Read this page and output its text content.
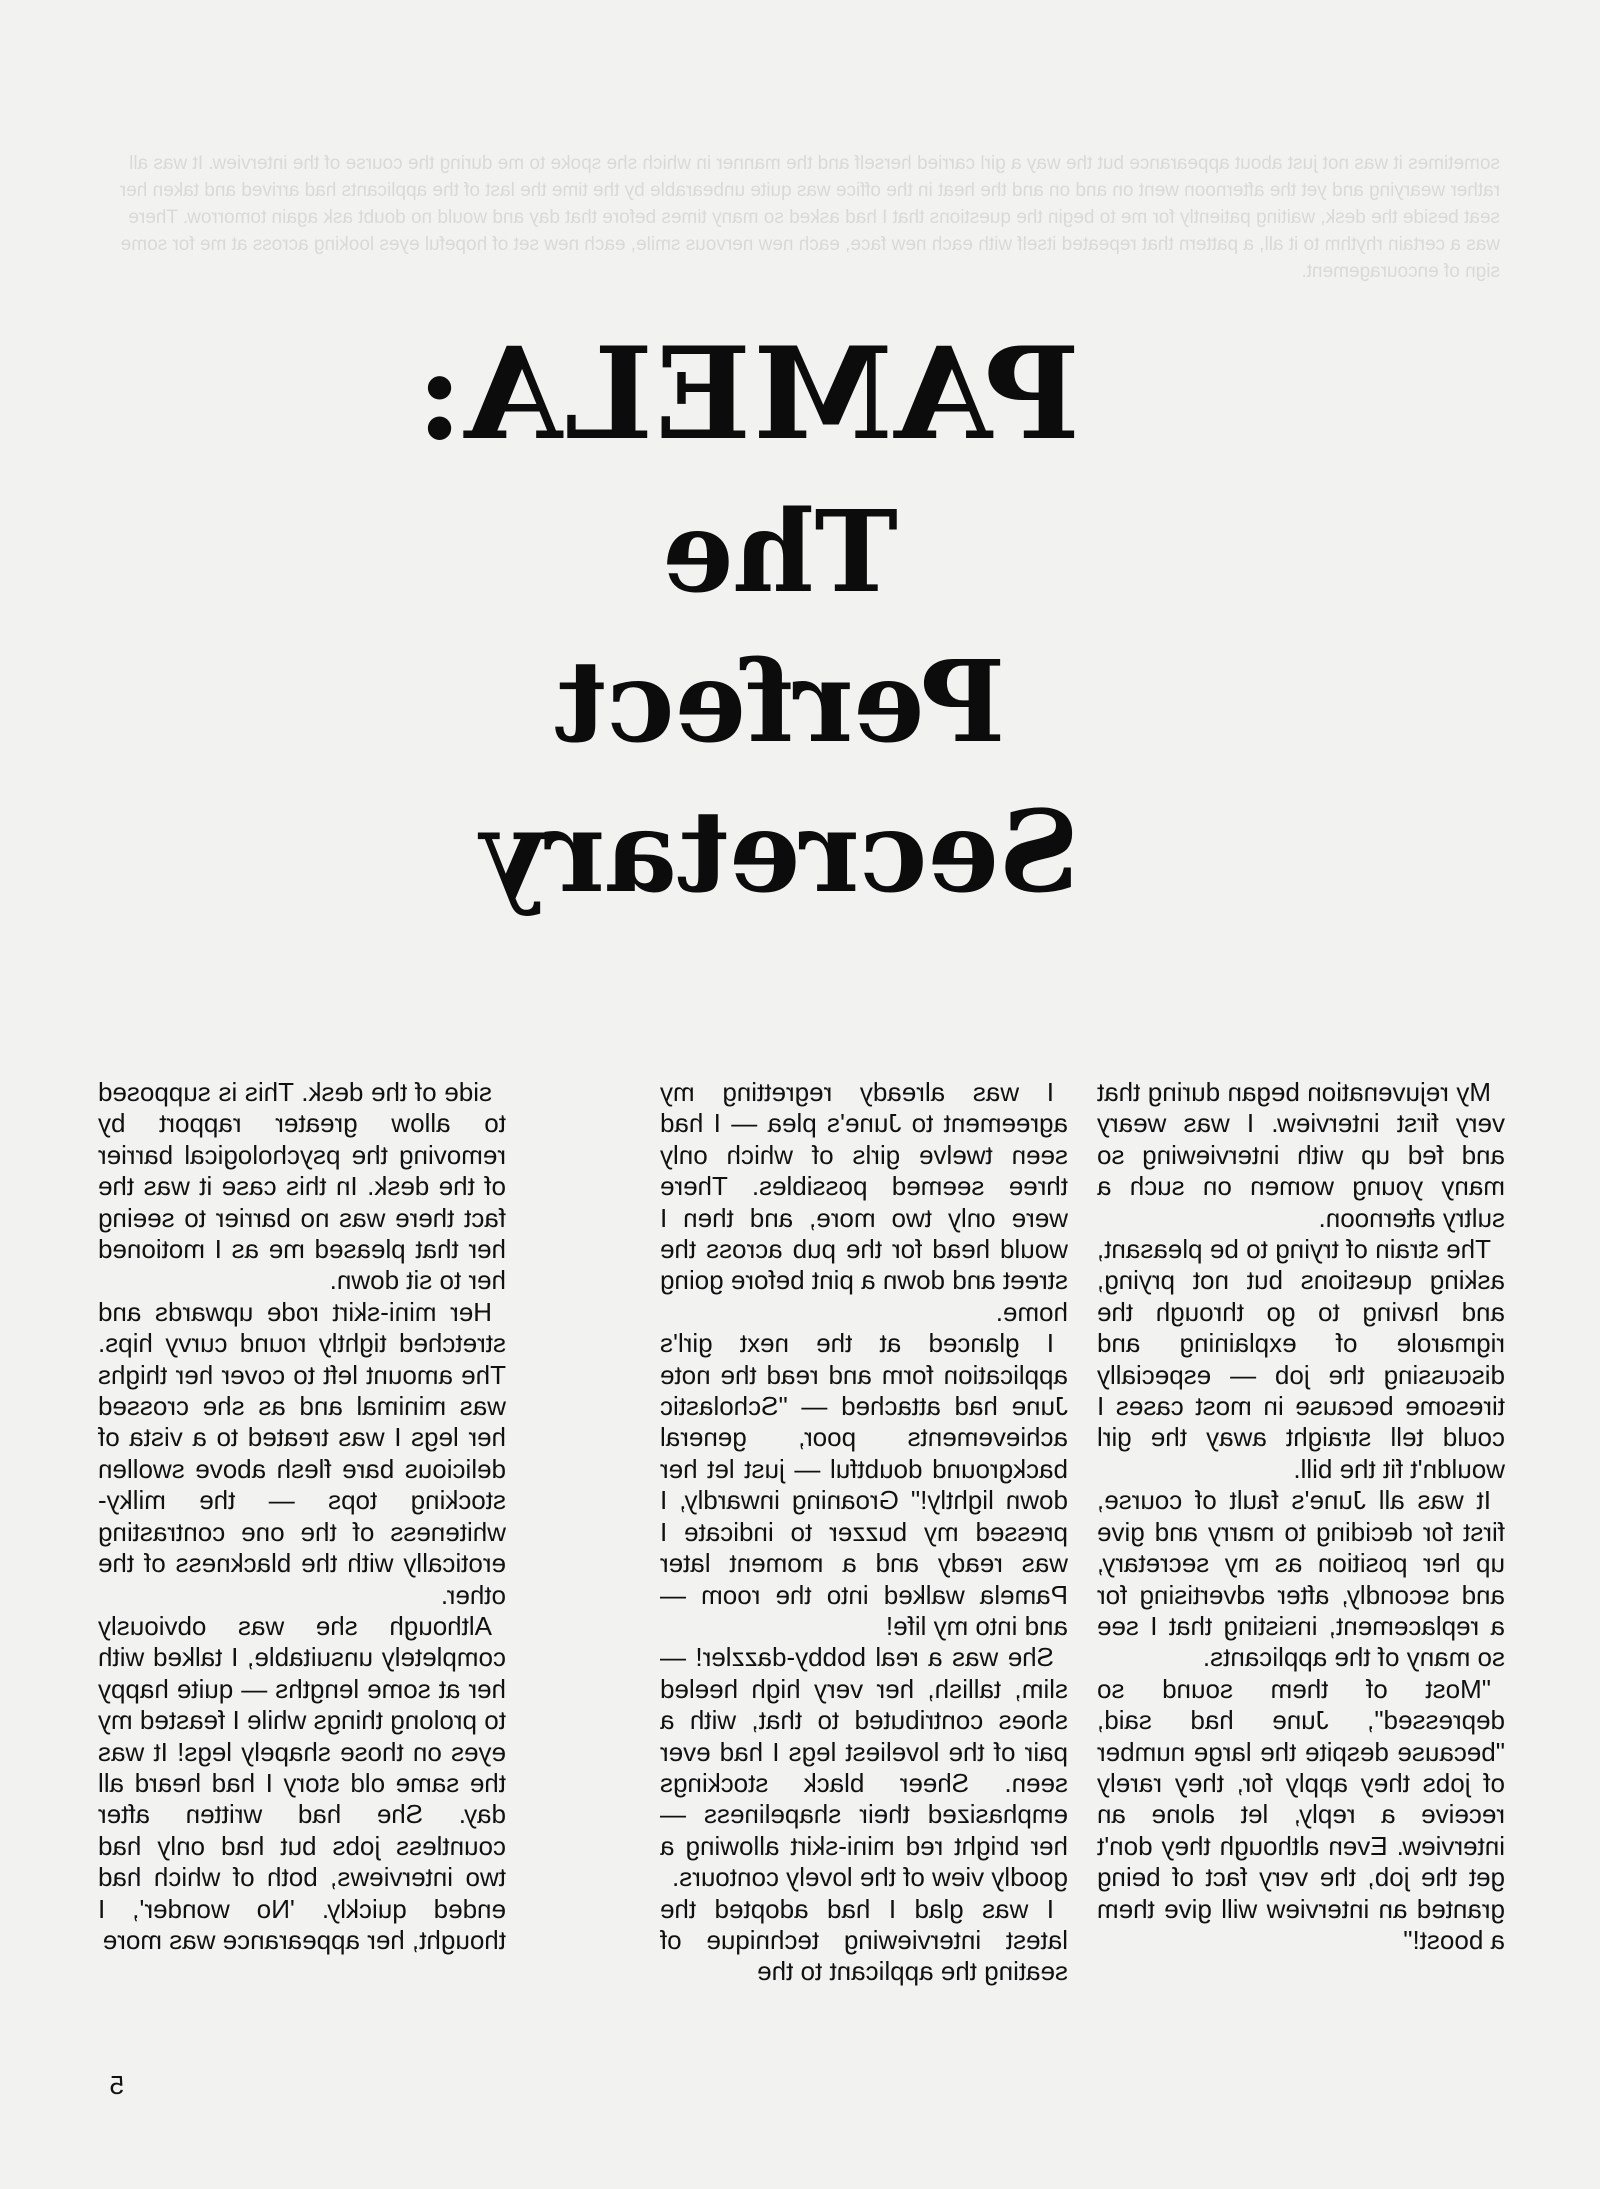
sometimes it was not just about appearance but the way a girl carried herself and the manner in which she spoke to me during the course of the interview. It was all rather wearying and yet the afternoon went on and on and the heat in the office was quite unbearable by the time the last of the applicants had arrived and taken her seat beside the desk, waiting patiently for me to begin the questions that I had asked so many times before that day and would no doubt ask again tomorrow. There was a certain rhythm to it all, a pattern that repeated itself with each new face, each new nervous smile, each new set of hopeful eyes looking across at me for some sign of encouragement.
PAMELA:
The
Perfect
Secretary

My rejuvenation began during that very first interview. I was weary and fed up with interviewing so many young women on such a sultry afternoon.

The strain of trying to be pleasant, asking questions but not prying, and having to go through the rigmarole of explaining and discussing the job — especially tiresome because in most cases I could tell straight away the girl wouldn't fit the bill.

It was all June's fault of course, first for deciding to marry and give up her position as my secretary, and secondly, after advertising for a replacement, insisting that I see so many of the applicants.

"Most of them sound so depressed", June had said, "because despite the large number of jobs they apply for, they rarely receive a reply, let alone an interview. Even although they don't get the job, the very fact of being granted an interview will give them a boost!"

I was already regretting my agreement to June's plea — I had seen twelve girls of which only three seemed possibles. There were only two more, and then I would head for the pub across the street and down a pint before going home.

I glanced at the next girl's application form and read the note June had attached — "Scholastic achievements poor, general background doubtful — just let her down lightly!" Groaning inwardly, I pressed my buzzer to indicate I was ready and a moment later Pamela walked into the room — and into my life!

She was a real bobby-dazzler! — slim, tallish, her very high heeled shoes contributed to that, with a pair of the loveliest legs I had ever seen. Sheer black stockings emphasized their shapeliness — her bright red mini-skirt allowing a goodly view of the lovely contours.

I was glad I had adopted the latest interviewing technique of seating the applicant to the

side of the desk. This is supposed to allow greater rapport by removing the psychological barrier of the desk. In this case it was the fact there was no barrier to seeing her that pleased me as I motioned her to sit down.

Her mini-skirt rode upwards and stretched tightly round curvy hips. The amount left to cover her thighs was minimal and as she crossed her legs I was treated to a vista of delicious bare flesh above swollen stocking tops — the milky-whiteness of the one contrasting erotically with the blackness of the other.

Although she was obviously completely unsuitable, I talked with her at some lengths — quite happy to prolong things while I feasted my eyes on those shapely legs! It was the same old story I had heard all day. She had written after countless jobs but had only had two interviews, both of which had ended quickly. 'No wonder', I thought, her appearance was more

5
